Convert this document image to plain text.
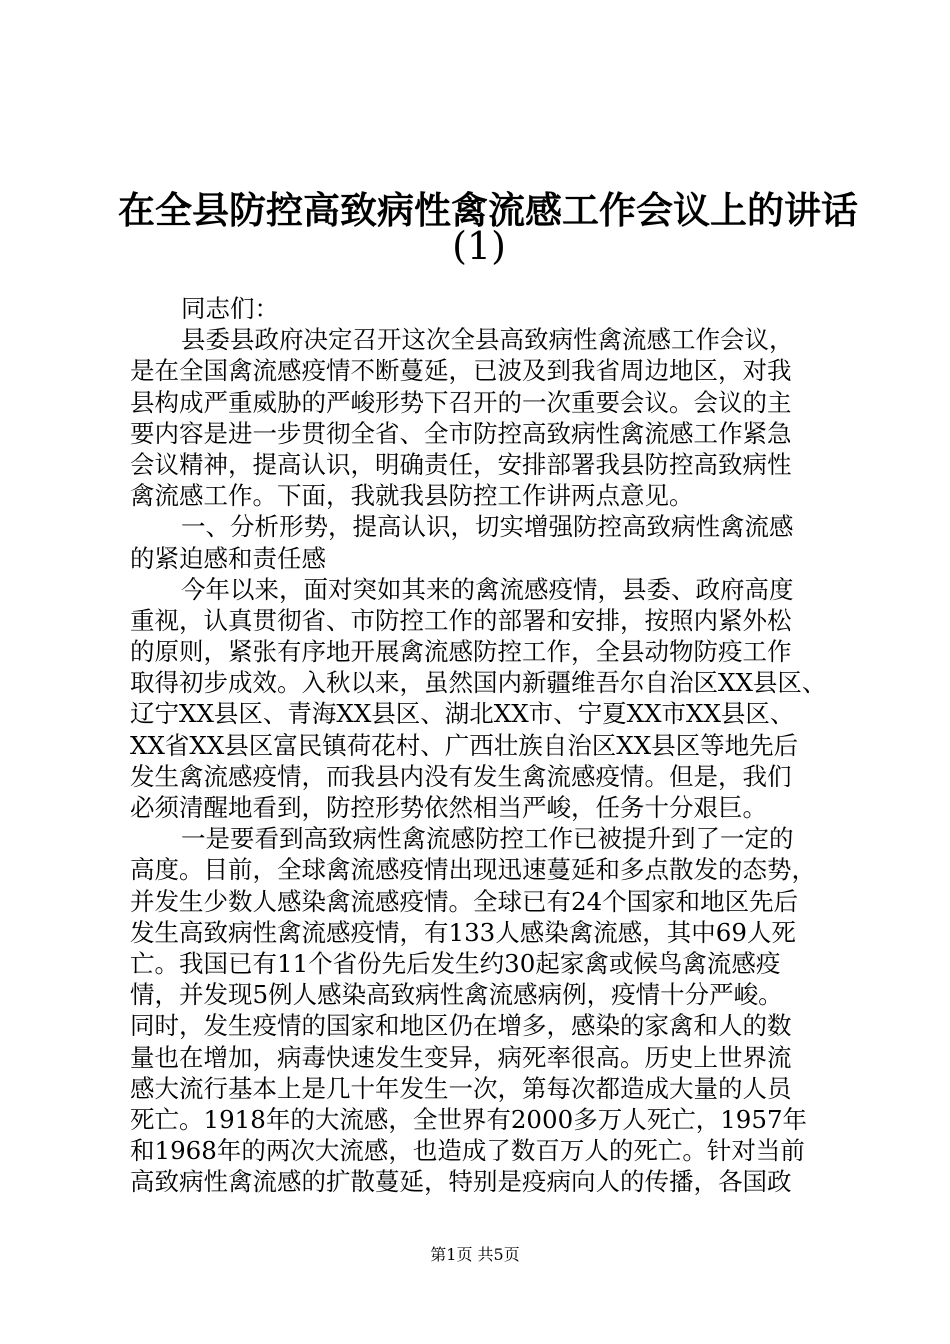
在全县防控高致病性禽流感工作会议上的讲话
(1)
同志们：
县委县政府决定召开这次全县高致病性禽流感工作会议，
是在全国禽流感疫情不断蔓延，已波及到我省周边地区，对我
县构成严重威胁的严峻形势下召开的一次重要会议。会议的主
要内容是进一步贯彻全省、全市防控高致病性禽流感工作紧急
会议精神，提高认识，明确责任，安排部署我县防控高致病性
禽流感工作。下面，我就我县防控工作讲两点意见。
一、分析形势，提高认识，切实增强防控高致病性禽流感
的紧迫感和责任感
今年以来，面对突如其来的禽流感疫情，县委、政府高度
重视，认真贯彻省、市防控工作的部署和安排，按照内紧外松
的原则，紧张有序地开展禽流感防控工作，全县动物防疫工作
取得初步成效。入秋以来，虽然国内新疆维吾尔自治区XX县区、
辽宁XX县区、青海XX县区、湖北XX市、宁夏XX市XX县区、
XX省XX县区富民镇荷花村、广西壮族自治区XX县区等地先后
发生禽流感疫情，而我县内没有发生禽流感疫情。但是，我们
必须清醒地看到，防控形势依然相当严峻，任务十分艰巨。
一是要看到高致病性禽流感防控工作已被提升到了一定的
高度。目前，全球禽流感疫情出现迅速蔓延和多点散发的态势，
并发生少数人感染禽流感疫情。全球已有24个国家和地区先后
发生高致病性禽流感疫情，有133人感染禽流感，其中69人死
亡。我国已有11个省份先后发生约30起家禽或候鸟禽流感疫
情，并发现5例人感染高致病性禽流感病例，疫情十分严峻。
同时，发生疫情的国家和地区仍在增多，感染的家禽和人的数
量也在增加，病毒快速发生变异，病死率很高。历史上世界流
感大流行基本上是几十年发生一次，第每次都造成大量的人员
死亡。1918年的大流感，全世界有2000多万人死亡，1957年
和1968年的两次大流感，也造成了数百万人的死亡。针对当前
高致病性禽流感的扩散蔓延，特别是疫病向人的传播，各国政
第1页 共5页
